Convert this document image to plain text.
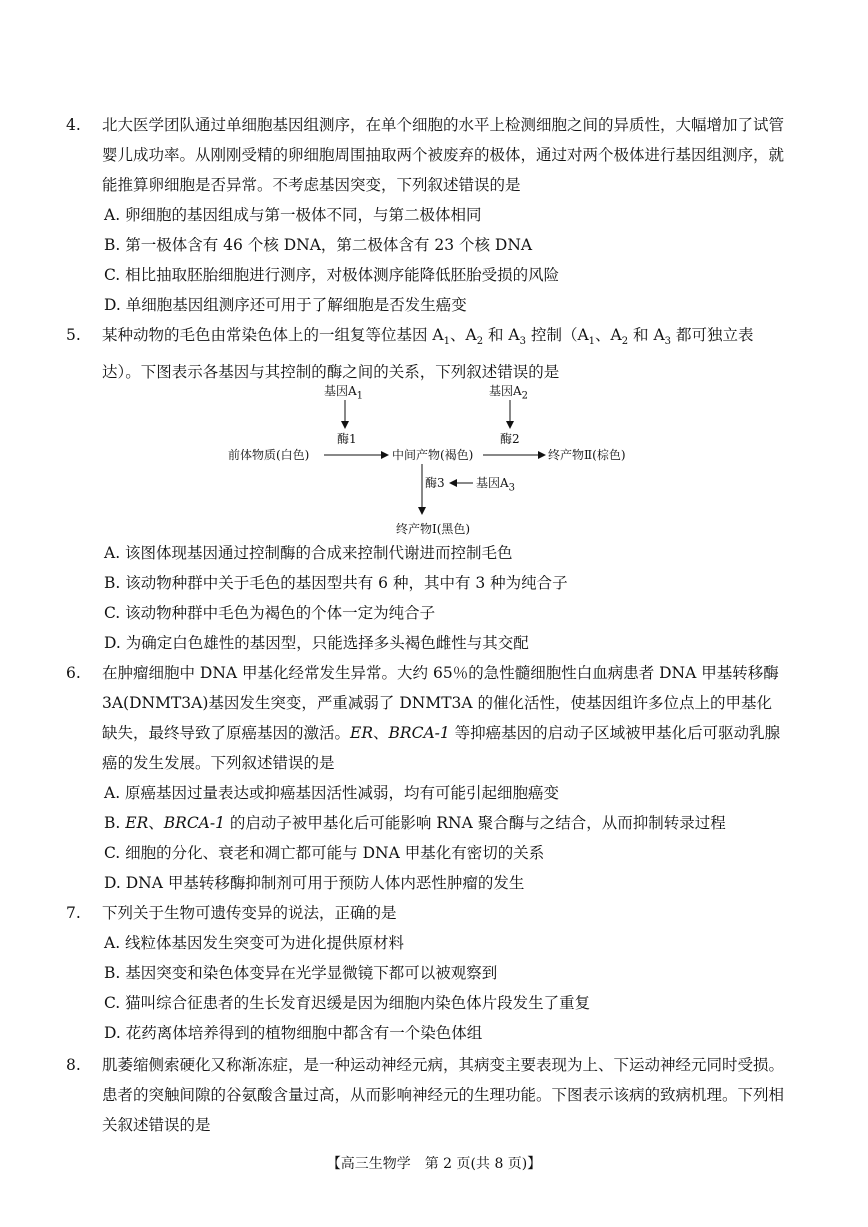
4. 北大医学团队通过单细胞基因组测序，在单个细胞的水平上检测细胞之间的异质性，大幅增加了试管婴儿成功率。从刚刚受精的卵细胞周围抽取两个被废弃的极体，通过对两个极体进行基因组测序，就能推算卵细胞是否异常。不考虑基因突变，下列叙述错误的是
A. 卵细胞的基因组成与第一极体不同，与第二极体相同
B. 第一极体含有 46 个核 DNA，第二极体含有 23 个核 DNA
C. 相比抽取胚胎细胞进行测序，对极体测序能降低胚胎受损的风险
D. 单细胞基因组测序还可用于了解细胞是否发生癌变
5. 某种动物的毛色由常染色体上的一组复等位基因 $A_1$、$A_2$ 和 $A_3$ 控制（$A_1$、$A_2$ 和 $A_3$ 都可独立表达）。下图表示各基因与其控制的酶之间的关系，下列叙述错误的是
基因$A_1$	基因$A_2$
酶1	酶2
前体物质(白色)	中间产物(褐色)	终产物Ⅱ(棕色)
酶3	基因$A_3$
终产物Ⅰ(黑色)
A. 该图体现基因通过控制酶的合成来控制代谢进而控制毛色
B. 该动物种群中关于毛色的基因型共有 6 种，其中有 3 种为纯合子
C. 该动物种群中毛色为褐色的个体一定为纯合子
D. 为确定白色雄性的基因型，只能选择多头褐色雌性与其交配
6. 在肿瘤细胞中 DNA 甲基化经常发生异常。大约 65％的急性髓细胞性白血病患者 DNA 甲基转移酶 3A(DNMT3A)基因发生突变，严重减弱了 DNMT3A 的催化活性，使基因组许多位点上的甲基化缺失，最终导致了原癌基因的激活。ER、BRCA-1 等抑癌基因的启动子区域被甲基化后可驱动乳腺癌的发生发展。下列叙述错误的是
A. 原癌基因过量表达或抑癌基因活性减弱，均有可能引起细胞癌变
B. ER、BRCA-1 的启动子被甲基化后可能影响 RNA 聚合酶与之结合，从而抑制转录过程
C. 细胞的分化、衰老和凋亡都可能与 DNA 甲基化有密切的关系
D. DNA 甲基转移酶抑制剂可用于预防人体内恶性肿瘤的发生
7. 下列关于生物可遗传变异的说法，正确的是
A. 线粒体基因发生突变可为进化提供原材料
B. 基因突变和染色体变异在光学显微镜下都可以被观察到
C. 猫叫综合征患者的生长发育迟缓是因为细胞内染色体片段发生了重复
D. 花药离体培养得到的植物细胞中都含有一个染色体组
8. 肌萎缩侧索硬化又称渐冻症，是一种运动神经元病，其病变主要表现为上、下运动神经元同时受损。患者的突触间隙的谷氨酸含量过高，从而影响神经元的生理功能。下图表示该病的致病机理。下列相关叙述错误的是
【高三生物学　第 2 页(共 8 页)】
